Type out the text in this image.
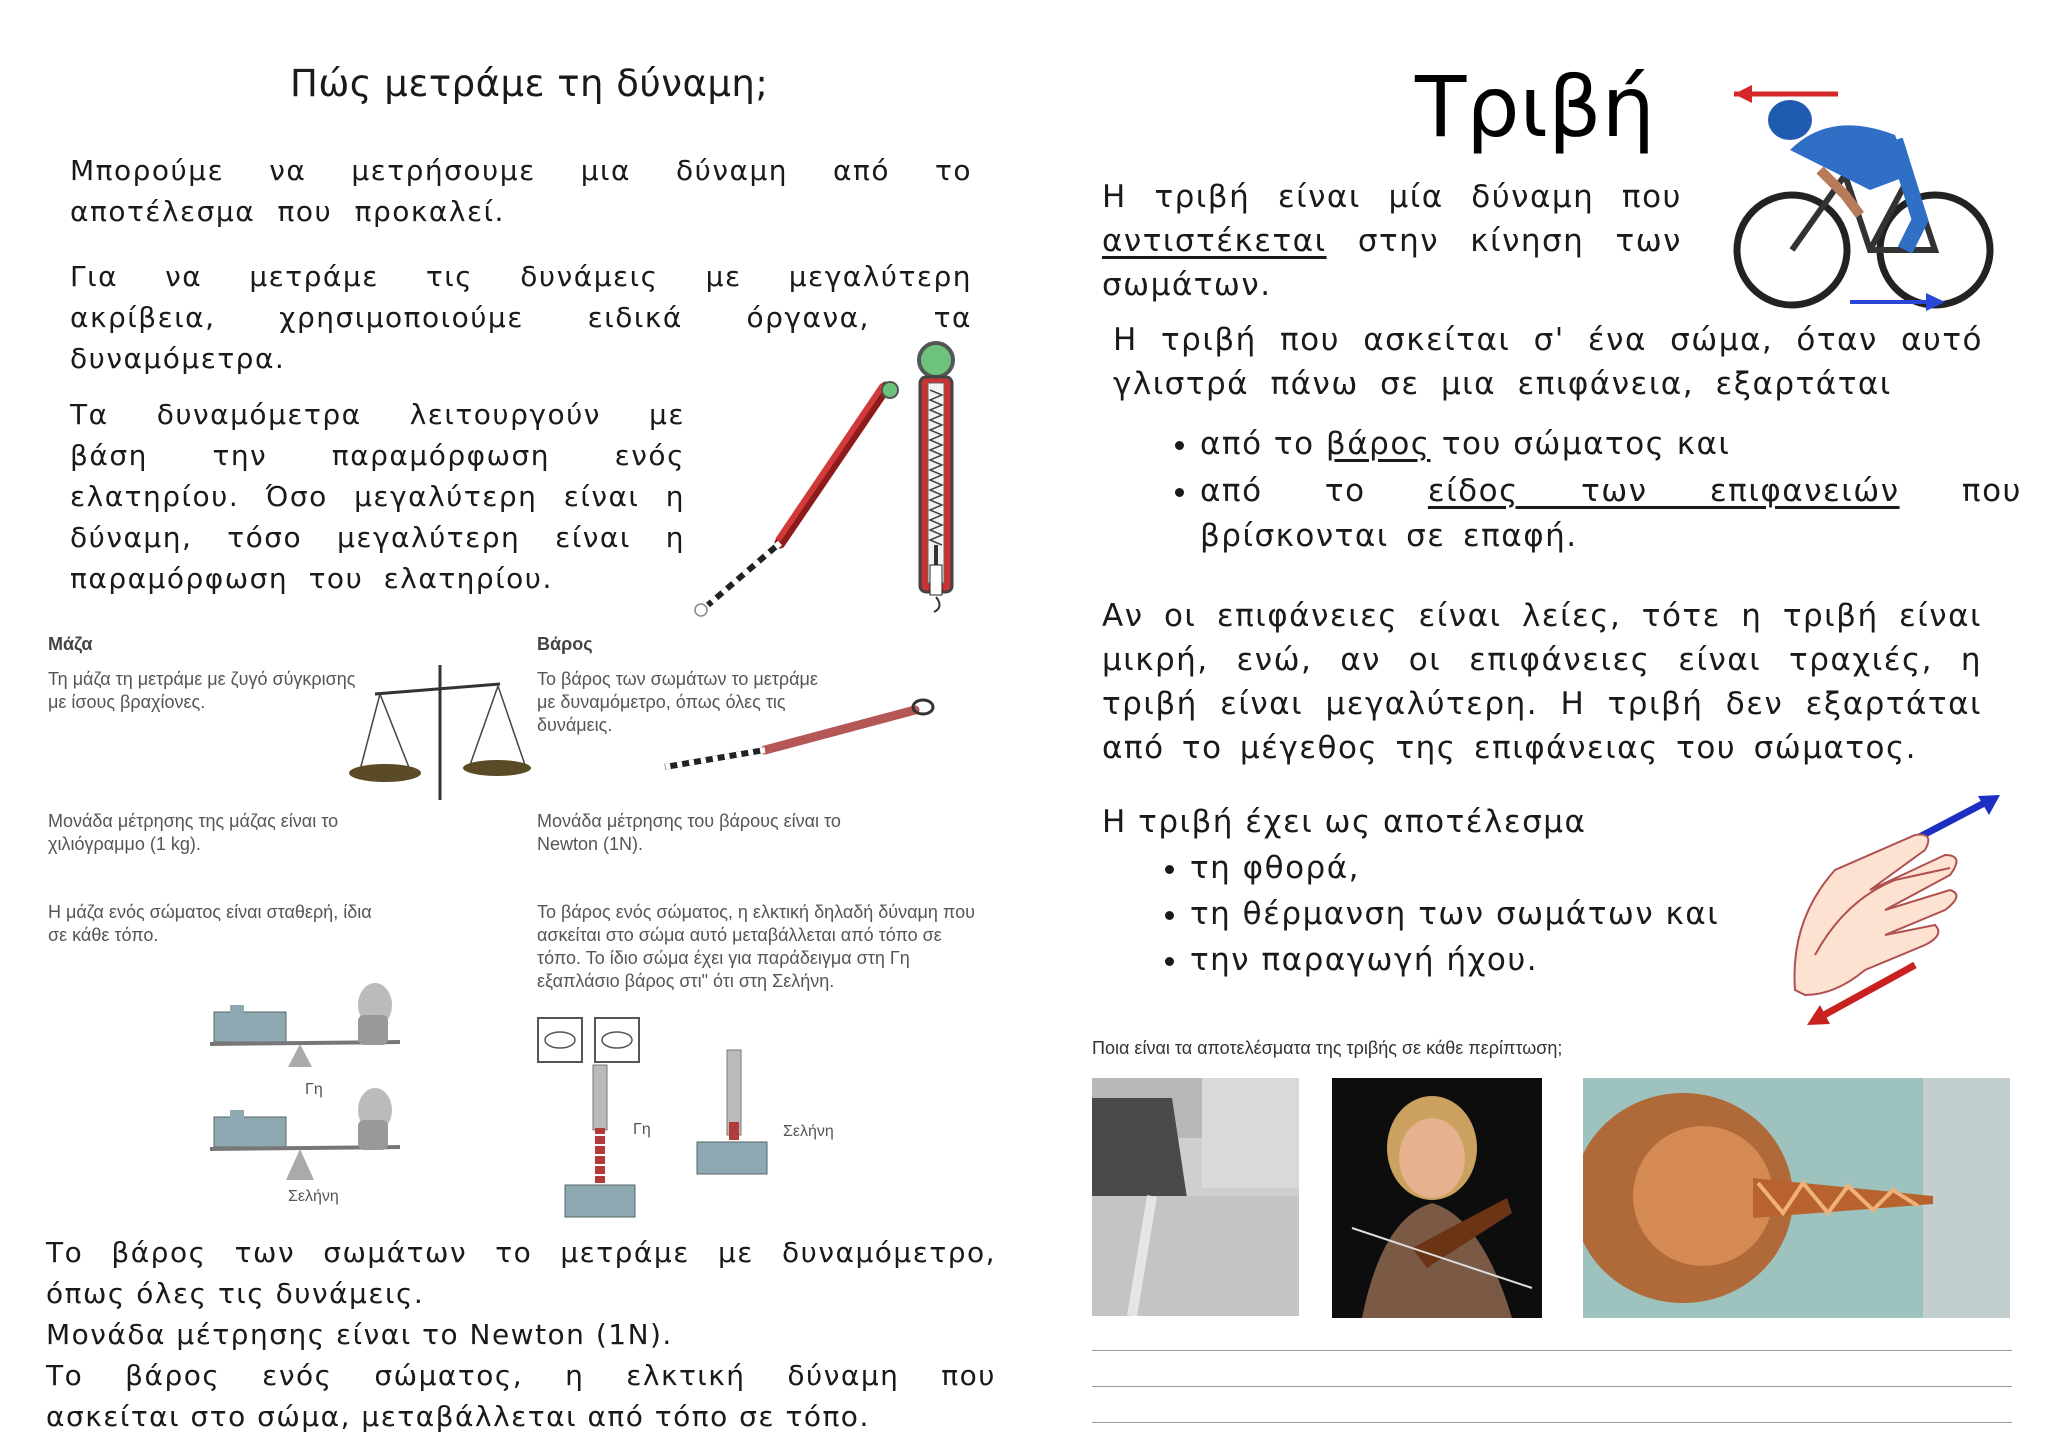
Πώς μετράμε τη δύναμη;
Μπορούμε να μετρήσουμε μια δύναμη από το αποτέλεσμα που προκαλεί.
Για να μετράμε τις δυνάμεις με μεγαλύτερη ακρίβεια, χρησιμοποιούμε ειδικά όργανα, τα δυναμόμετρα.
Τα δυναμόμετρα λειτουργούν με βάση την παραμόρφωση ενός ελατηρίου. Όσο μεγαλύτερη είναι η δύναμη, τόσο μεγαλύτερη είναι η παραμόρφωση του ελατηρίου.
Μάζα
Τη μάζα τη μετράμε με ζυγό σύγκρισης με ίσους βραχίονες.
Βάρος
Το βάρος των σωμάτων το μετράμε με δυναμόμετρο, όπως όλες τις δυνάμεις.
Μονάδα μέτρησης της μάζας είναι το χιλιόγραμμο (1 kg).
Μονάδα μέτρησης του βάρους είναι το Newton (1N).
Η μάζα ενός σώματος είναι σταθερή, ίδια σε κάθε τόπο.
Το βάρος ενός σώματος, η ελκτική δηλαδή δύναμη που ασκείται στο σώμα αυτό μεταβάλλεται από τόπο σε τόπο. Το ίδιο σώμα έχει για παράδειγμα στη Γη εξαπλάσιο βάρος στι" ότι στη Σελήνη.
Γη
Σελήνη
Γη	Σελήνη
Το βάρος των σωμάτων το μετράμε με δυναμόμετρο,
όπως όλες τις δυνάμεις.
Μονάδα μέτρησης είναι το Newton (1N).
Το βάρος ενός σώματος, η ελκτική δύναμη που
ασκείται στο σώμα, μεταβάλλεται από τόπο σε τόπο.
Τριβή
Η τριβή είναι μία δύναμη που αντιστέκεται στην κίνηση των σωμάτων.
Η τριβή που ασκείται σ' ένα σώμα, όταν αυτό γλιστρά πάνω σε μια επιφάνεια, εξαρτάται
• από το βάρος του σώματος και
• από το είδος των επιφανειών που βρίσκονται σε επαφή.
Αν οι επιφάνειες είναι λείες, τότε η τριβή είναι μικρή, ενώ, αν οι επιφάνειες είναι τραχιές, η τριβή είναι μεγαλύτερη. Η τριβή δεν εξαρτάται από το μέγεθος της επιφάνειας του σώματος.
Η τριβή έχει ως αποτέλεσμα
• τη φθορά,
• τη θέρμανση των σωμάτων και
• την παραγωγή ήχου.
Ποια είναι τα αποτελέσματα της τριβής σε κάθε περίπτωση;
